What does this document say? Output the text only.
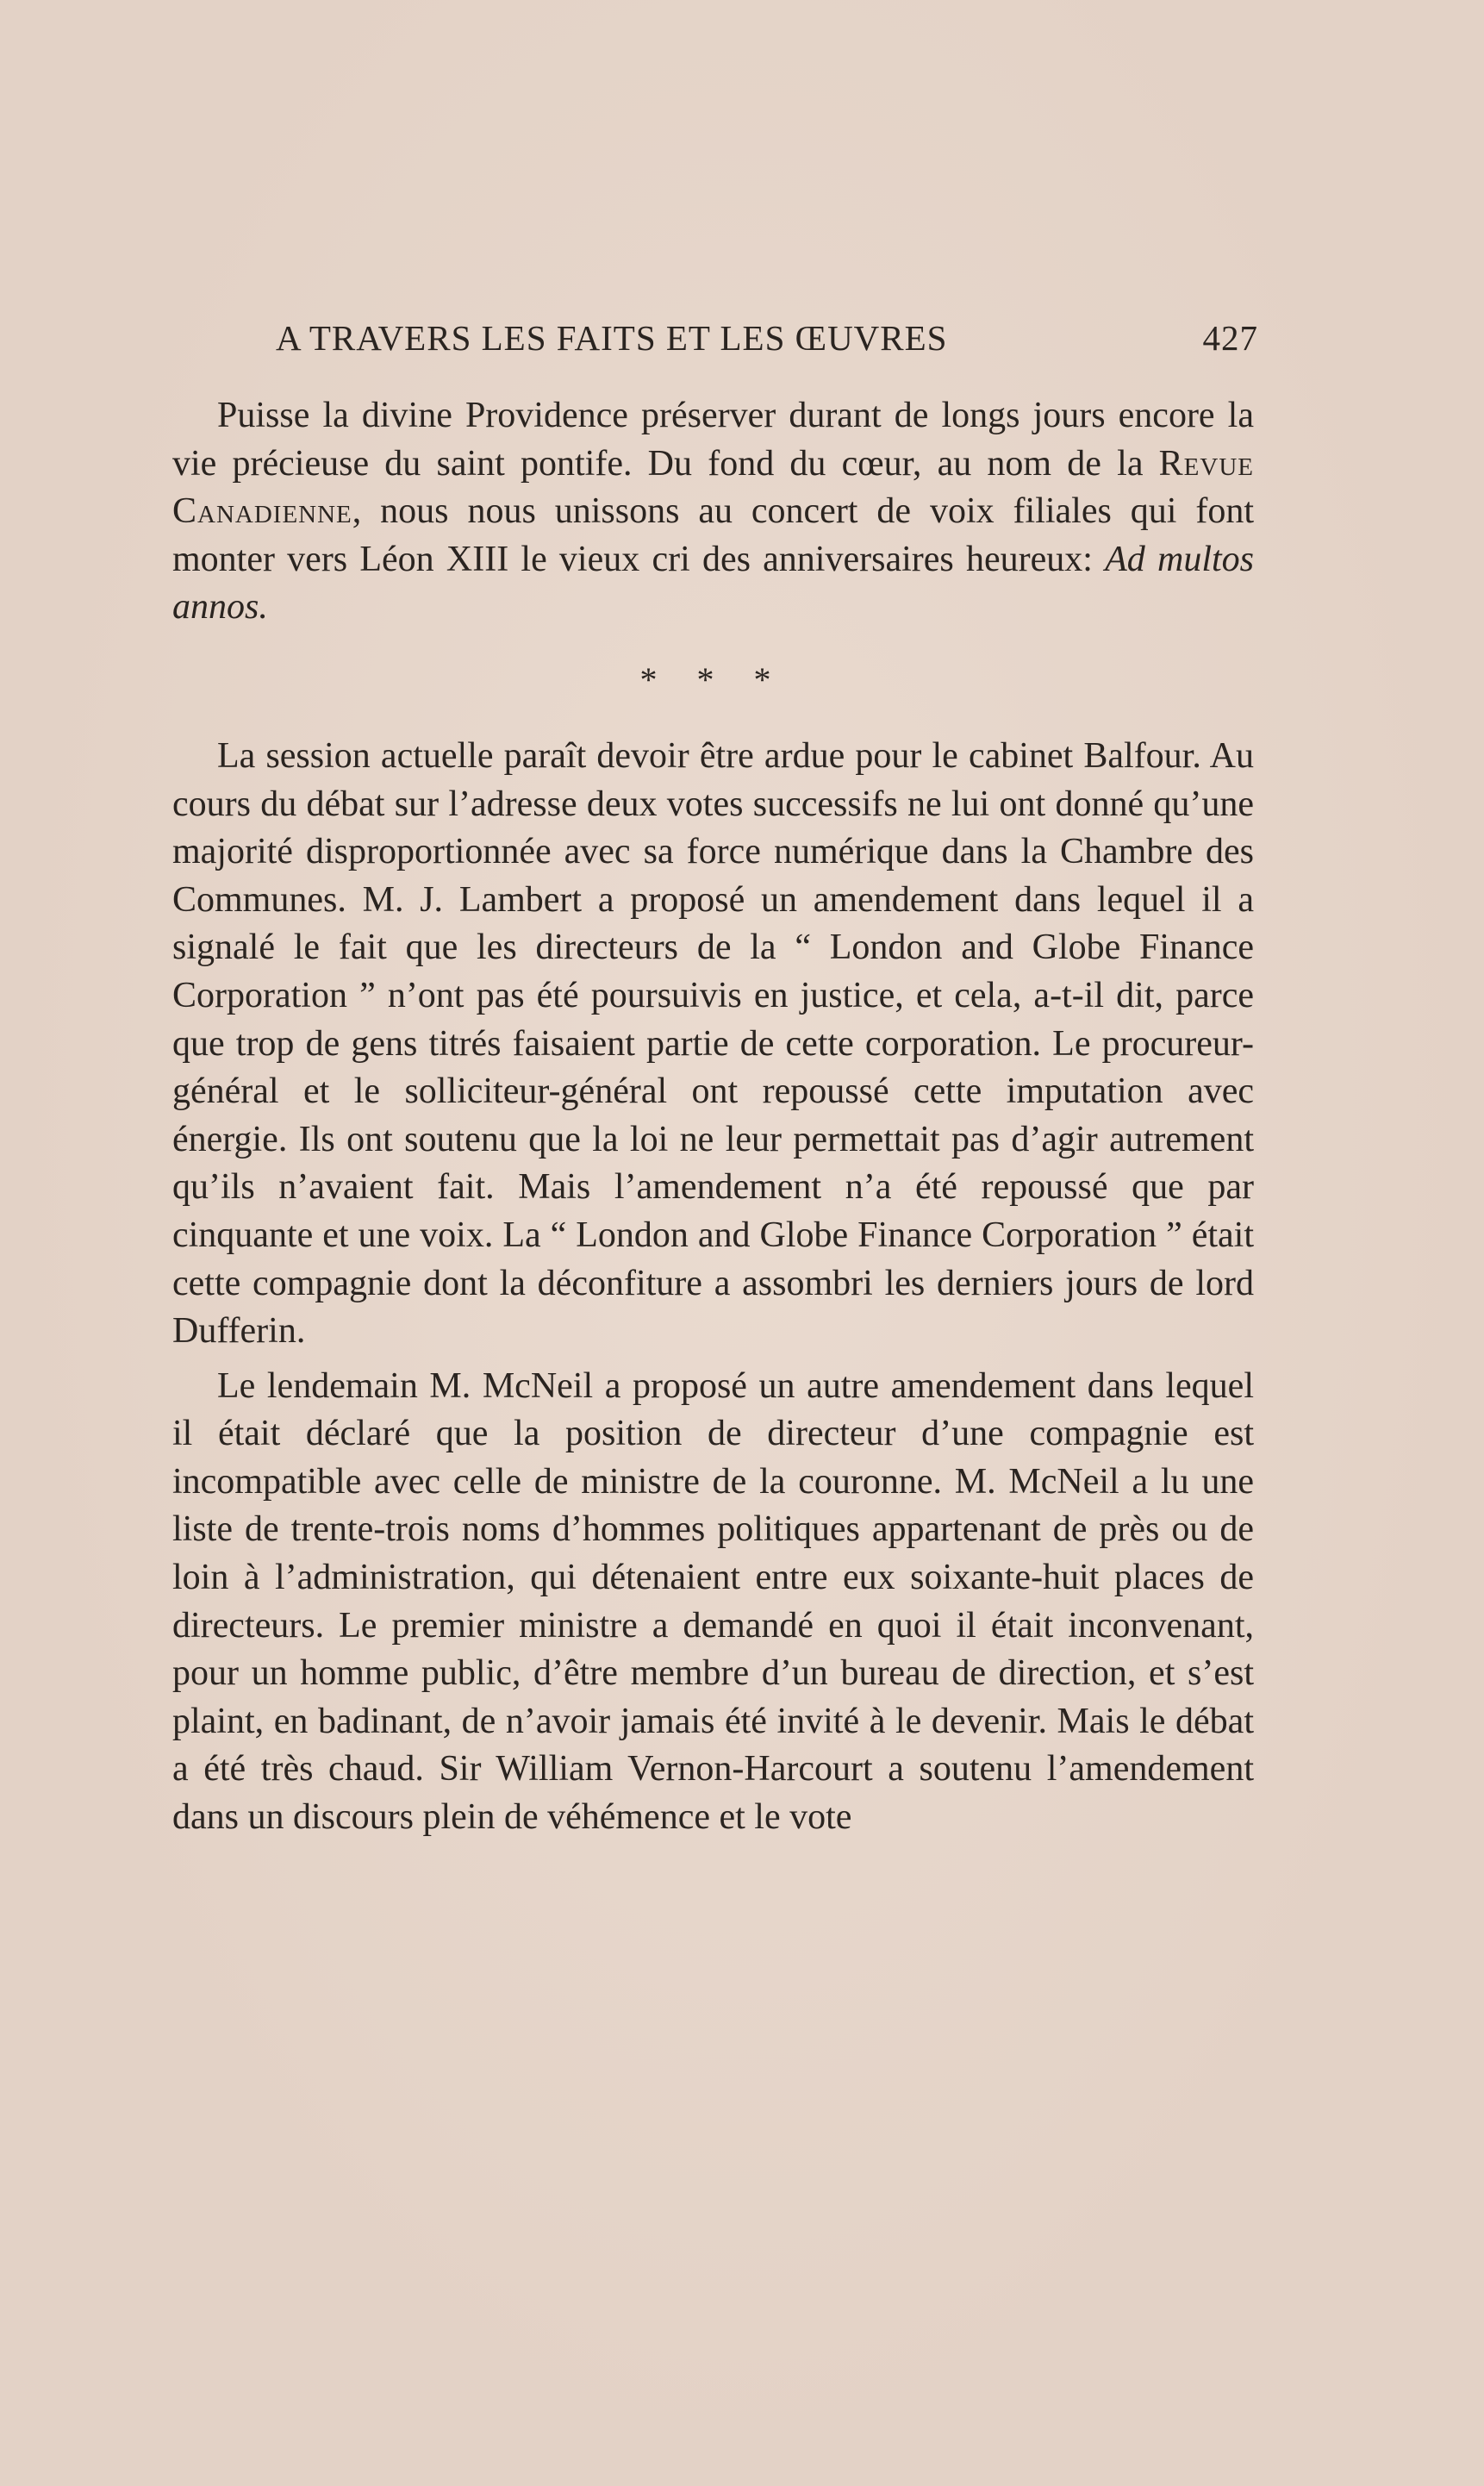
A TRAVERS LES FAITS ET LES ŒUVRES	427

Puisse la divine Providence préserver durant de longs jours encore la vie précieuse du saint pontife. Du fond du cœur, au nom de la Revue Canadienne, nous nous unissons au concert de voix filiales qui font monter vers Léon XIII le vieux cri des anniversaires heureux: Ad multos annos.

* * *

La session actuelle paraît devoir être ardue pour le cabinet Balfour. Au cours du débat sur l’adresse deux votes successifs ne lui ont donné qu’une majorité disproportionnée avec sa force numérique dans la Chambre des Communes. M. J. Lambert a proposé un amendement dans lequel il a signalé le fait que les directeurs de la “ London and Globe Finance Corporation ” n’ont pas été poursuivis en justice, et cela, a-t-il dit, parce que trop de gens titrés faisaient partie de cette corporation. Le procureur-général et le solliciteur-général ont repoussé cette imputation avec énergie. Ils ont soutenu que la loi ne leur permettait pas d’agir autrement qu’ils n’avaient fait. Mais l’amendement n’a été repoussé que par cinquante et une voix. La “ London and Globe Finance Corporation ” était cette compagnie dont la déconfiture a assombri les derniers jours de lord Dufferin.

Le lendemain M. McNeil a proposé un autre amendement dans lequel il était déclaré que la position de directeur d’une compagnie est incompatible avec celle de ministre de la couronne. M. McNeil a lu une liste de trente-trois noms d’hommes politiques appartenant de près ou de loin à l’administration, qui détenaient entre eux soixante-huit places de directeurs. Le premier ministre a demandé en quoi il était inconvenant, pour un homme public, d’être membre d’un bureau de direction, et s’est plaint, en badinant, de n’avoir jamais été invité à le devenir. Mais le débat a été très chaud. Sir William Vernon-Harcourt a soutenu l’amendement dans un discours plein de véhémence et le vote
